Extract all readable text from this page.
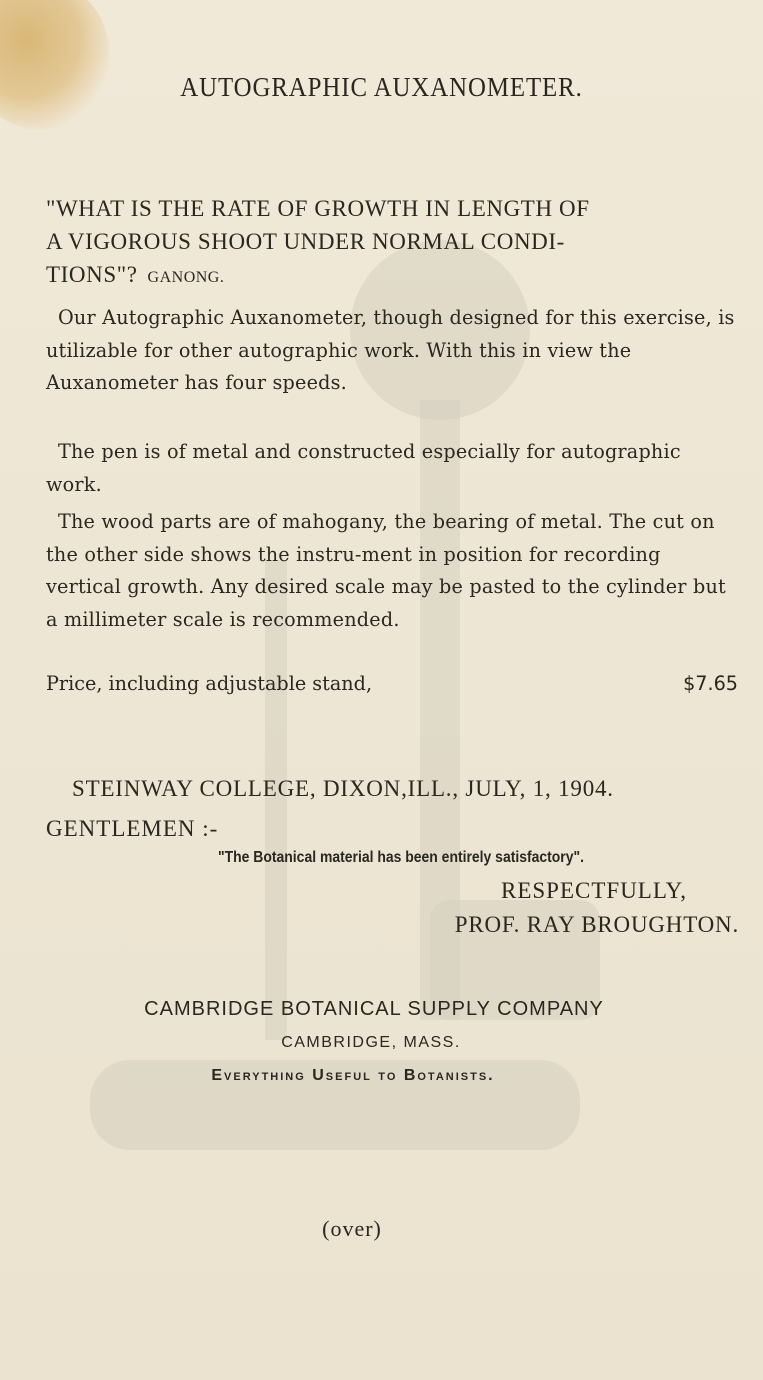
AUTOGRAPHIC AUXANOMETER.
"WHAT IS THE RATE OF GROWTH IN LENGTH OF
A VIGOROUS SHOOT UNDER NORMAL CONDI-
TIONS"? GANONG.

Our Autographic Auxanometer, though designed for this exercise, is utilizable for other autographic work. With this in view the Auxanometer has four speeds.

The pen is of metal and constructed especially for autographic work.

The wood parts are of mahogany, the bearing of metal. The cut on the other side shows the instru-ment in position for recording vertical growth. Any desired scale may be pasted to the cylinder but a millimeter scale is recommended.

Price, including adjustable stand,	$7.65
STEINWAY COLLEGE, DIXON,ILL., JULY, 1, 1904.
GENTLEMEN :-
"The Botanical material has been entirely satisfactory".
RESPECTFULLY,
PROF. RAY BROUGHTON.
CAMBRIDGE BOTANICAL SUPPLY COMPANY
CAMBRIDGE, MASS.
Everything Useful to Botanists.
(over)
